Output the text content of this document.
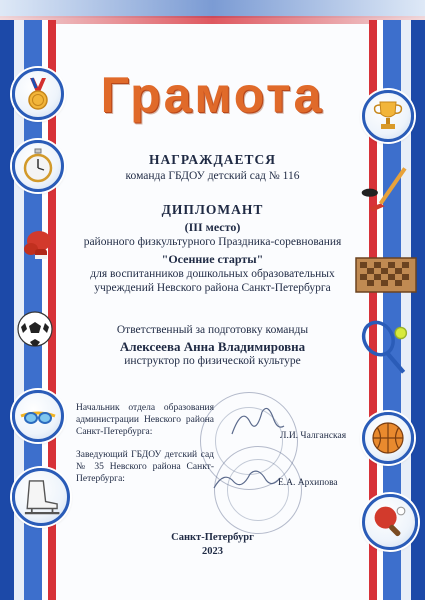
Грамота
НАГРАЖДАЕТСЯ
команда ГБДОУ детский сад № 116
ДИПЛОМАНТ
(III место)
районного физкультурного Праздника-соревнования
"Осенние старты"
для воспитанников дошкольных образовательных
учреждений Невского района Санкт-Петербурга
Ответственный за подготовку команды
Алексеева Анна Владимировна
инструктор по физической культуре
Начальник отдела образования администрации Невского района Санкт-Петербурга:	Л.И. Чалганская
Заведующий ГБДОУ детский сад № 35 Невского района Санкт-Петербурга:	Е.А. Архипова
Санкт-Петербург
2023
